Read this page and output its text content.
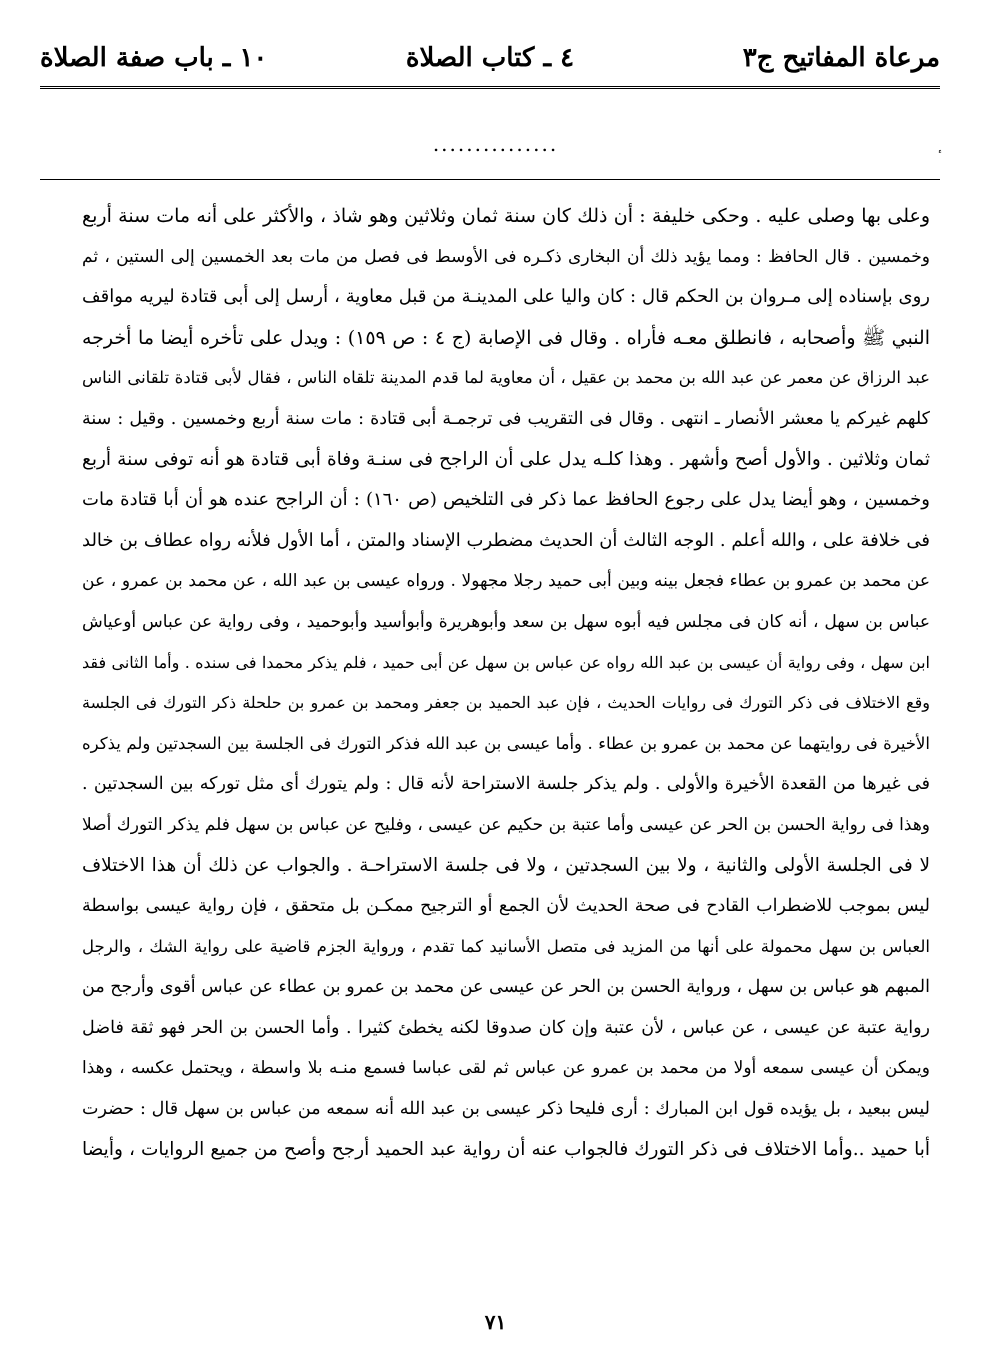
مرعاة المفاتيح ج٣
٤ ـ كتاب الصلاة
١٠ ـ باب صفة الصلاة
...............
ٴ
وعلى بها وصلى عليه . وحكى خليفة : أن ذلك كان سنة ثمان وثلاثين وهو شاذ ، والأكثر على أنه مات سنة أربع
وخمسين . قال الحافظ : ومما يؤيد ذلك أن البخارى ذكـره فى الأوسط فى فصل من مات بعد الخمسين إلى الستين ، ثم
روى بإسناده إلى مـروان بن الحكم قال : كان واليا على المدينـة من قبل معاوية ، أرسل إلى أبى قتادة ليريه مواقف
النبي ﷺ وأصحابه ، فانطلق معـه فأراه . وقال فى الإصابة (ج ٤ : ص ١٥٩) : ويدل على تأخره أيضا ما أخرجه
عبد الرزاق عن معمر عن عبد الله بن محمد بن عقيل ، أن معاوية لما قدم المدينة تلقاه الناس ، فقال لأبى قتادة تلقانى الناس
كلهم غيركم يا معشر الأنصار ـ انتهى . وقال فى التقريب فى ترجمـة أبى قتادة : مات سنة أربع وخمسين . وقيل : سنة
ثمان وثلاثين . والأول أصح وأشهر . وهذا كلـه يدل على أن الراجح فى سنـة وفاة أبى قتادة هو أنه توفى سنة أربع
وخمسين ، وهو أيضا يدل على رجوع الحافظ عما ذكر فى التلخيص (ص ١٦٠) : أن الراجح عنده هو أن أبا قتادة مات
فى خلافة على ، والله أعلم . الوجه الثالث أن الحديث مضطرب الإسناد والمتن ، أما الأول فلأنه رواه عطاف بن خالد
عن محمد بن عمرو بن عطاء فجعل بينه وبين أبى حميد رجلا مجهولا . ورواه عيسى بن عبد الله ، عن محمد بن عمرو ، عن
عباس بن سهل ، أنه كان فى مجلس فيه أبوه سهل بن سعد وأبوهريرة وأبوأسيد وأبوحميد ، وفى رواية عن عباس أوعياش
ابن سهل ، وفى رواية أن عيسى بن عبد الله رواه عن عباس بن سهل عن أبى حميد ، فلم يذكر محمدا فى سنده . وأما الثانى فقد
وقع الاختلاف فى ذكر التورك فى روايات الحديث ، فإن عبد الحميد بن جعفر ومحمد بن عمرو بن حلحلة ذكر التورك فى الجلسة
الأخيرة فى روايتهما عن محمد بن عمرو بن عطاء . وأما عيسى بن عبد الله فذكر التورك فى الجلسة بين السجدتين ولم يذكره
فى غيرها من القعدة الأخيرة والأولى . ولم يذكر جلسة الاستراحة لأنه قال : ولم يتورك أى مثل توركه بين السجدتين .
وهذا فى رواية الحسن بن الحر عن عيسى وأما عتبة بن حكيم عن عيسى ، وفليح عن عباس بن سهل فلم يذكر التورك أصلا
لا فى الجلسة الأولى والثانية ، ولا بين السجدتين ، ولا فى جلسة الاستراحـة . والجواب عن ذلك أن هذا الاختلاف
ليس بموجب للاضطراب القادح فى صحة الحديث لأن الجمع أو الترجيح ممكـن بل متحقق ، فإن رواية عيسى بواسطة
العباس بن سهل محمولة على أنها من المزيد فى متصل الأسانيد كما تقدم ، ورواية الجزم قاضية على رواية الشك ، والرجل
المبهم هو عباس بن سهل ، ورواية الحسن بن الحر عن عيسى عن محمد بن عمرو بن عطاء عن عباس أقوى وأرجح من
رواية عتبة عن عيسى ، عن عباس ، لأن عتبة وإن كان صدوقا لكنه يخطئ كثيرا . وأما الحسن بن الحر فهو ثقة فاضل
ويمكن أن عيسى سمعه أولا من محمد بن عمرو عن عباس ثم لقى عباسا فسمع منـه بلا واسطة ، ويحتمل عكسه ، وهذا
ليس ببعيد ، بل يؤيده قول ابن المبارك : أرى فليحا ذكر عيسى بن عبد الله أنه سمعه من عباس بن سهل قال : حضرت
أبا حميد ..وأما الاختلاف فى ذكر التورك فالجواب عنه أن رواية عبد الحميد أرجح وأصح من جميع الروايات ، وأيضا
٧١
